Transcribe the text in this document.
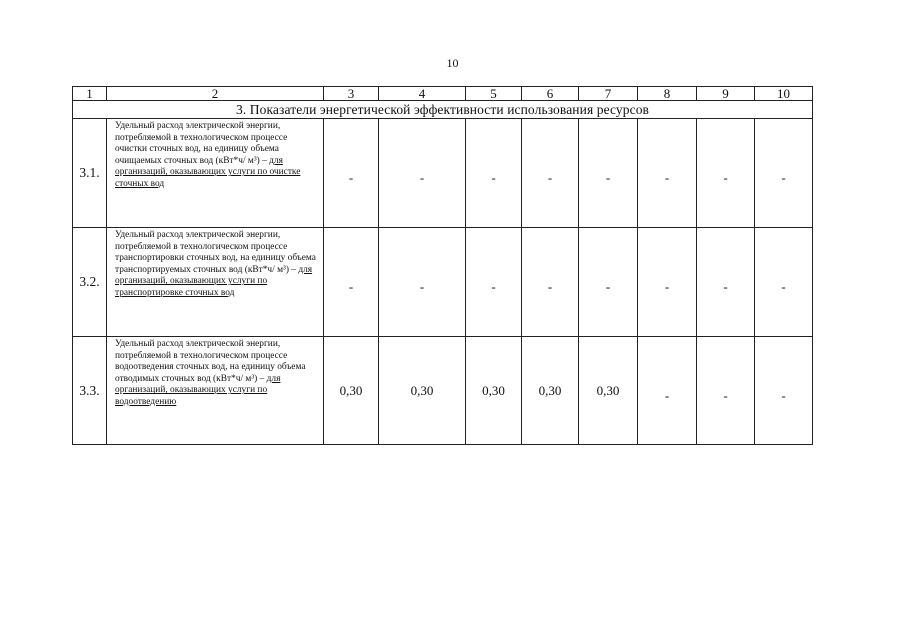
10
1	2	3	4	5	6	7	8	9	10
3. Показатели энергетической эффективности использования ресурсов									
3.1.	Удельный расход электрической энергии, потребляемой в технологическом процессе очистки сточных вод, на единицу объема очищаемых сточных вод (кВт*ч/ м³) – для организаций, оказывающих услуги по очистке сточных вод	-	-	-	-	-	-	-	-
3.2.	Удельный расход электрической энергии, потребляемой в технологическом процессе транспортировки сточных вод, на единицу объема транспортируемых сточных вод (кВт*ч/ м³) – для организаций, оказывающих услуги по транспортировке сточных вод	-	-	-	-	-	-	-	-
3.3.	Удельный расход электрической энергии, потребляемой в технологическом процессе водоотведения сточных вод, на единицу объема отводимых сточных вод (кВт*ч/ м³) – для организаций, оказывающих услуги по водоотведению	0,30	0,30	0,30	0,30	0,30	-	-	-
